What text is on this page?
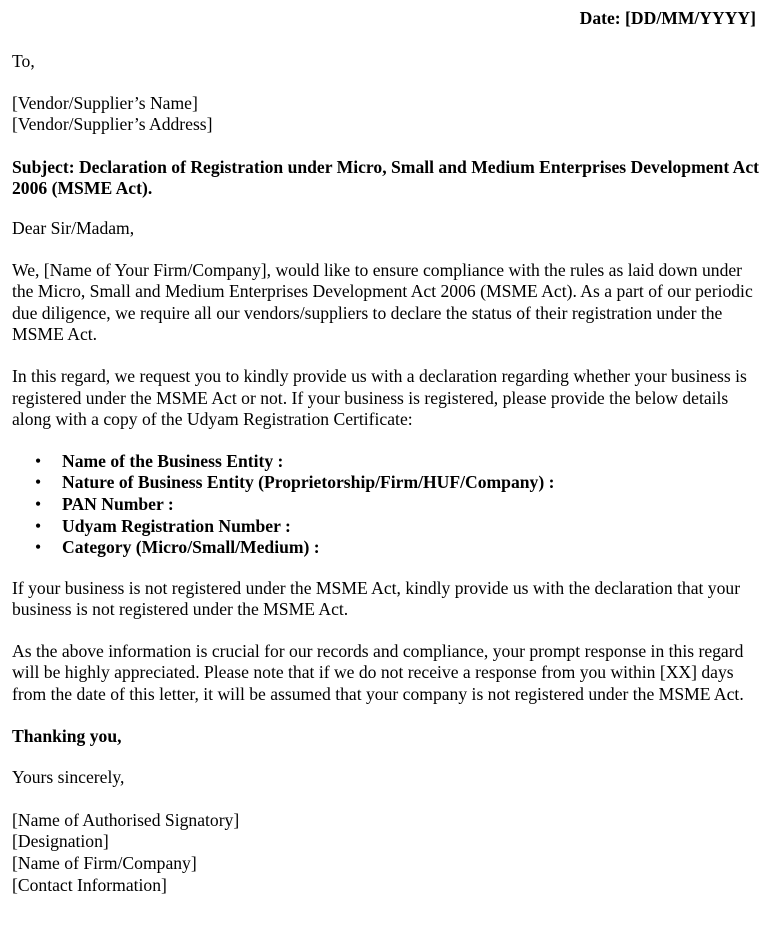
Date: [DD/MM/YYYY]

To,

[Vendor/Supplier’s Name]

[Vendor/Supplier’s Address]

Subject: Declaration of Registration under Micro, Small and Medium Enterprises Development Act 2006 (MSME Act).

Dear Sir/Madam,

We, [Name of Your Firm/Company], would like to ensure compliance with the rules as laid down under the Micro, Small and Medium Enterprises Development Act 2006 (MSME Act). As a part of our periodic due diligence, we require all our vendors/suppliers to declare the status of their registration under the MSME Act.

In this regard, we request you to kindly provide us with a declaration regarding whether your business is registered under the MSME Act or not. If your business is registered, please provide the below details along with a copy of the Udyam Registration Certificate:

• Name of the Business Entity :
• Nature of Business Entity (Proprietorship/Firm/HUF/Company) :
• PAN Number :
• Udyam Registration Number :
• Category (Micro/Small/Medium) :

If your business is not registered under the MSME Act, kindly provide us with the declaration that your business is not registered under the MSME Act.

As the above information is crucial for our records and compliance, your prompt response in this regard will be highly appreciated. Please note that if we do not receive a response from you within [XX] days from the date of this letter, it will be assumed that your company is not registered under the MSME Act.

Thanking you,

Yours sincerely,

[Name of Authorised Signatory]

[Designation]

[Name of Firm/Company]

[Contact Information]
